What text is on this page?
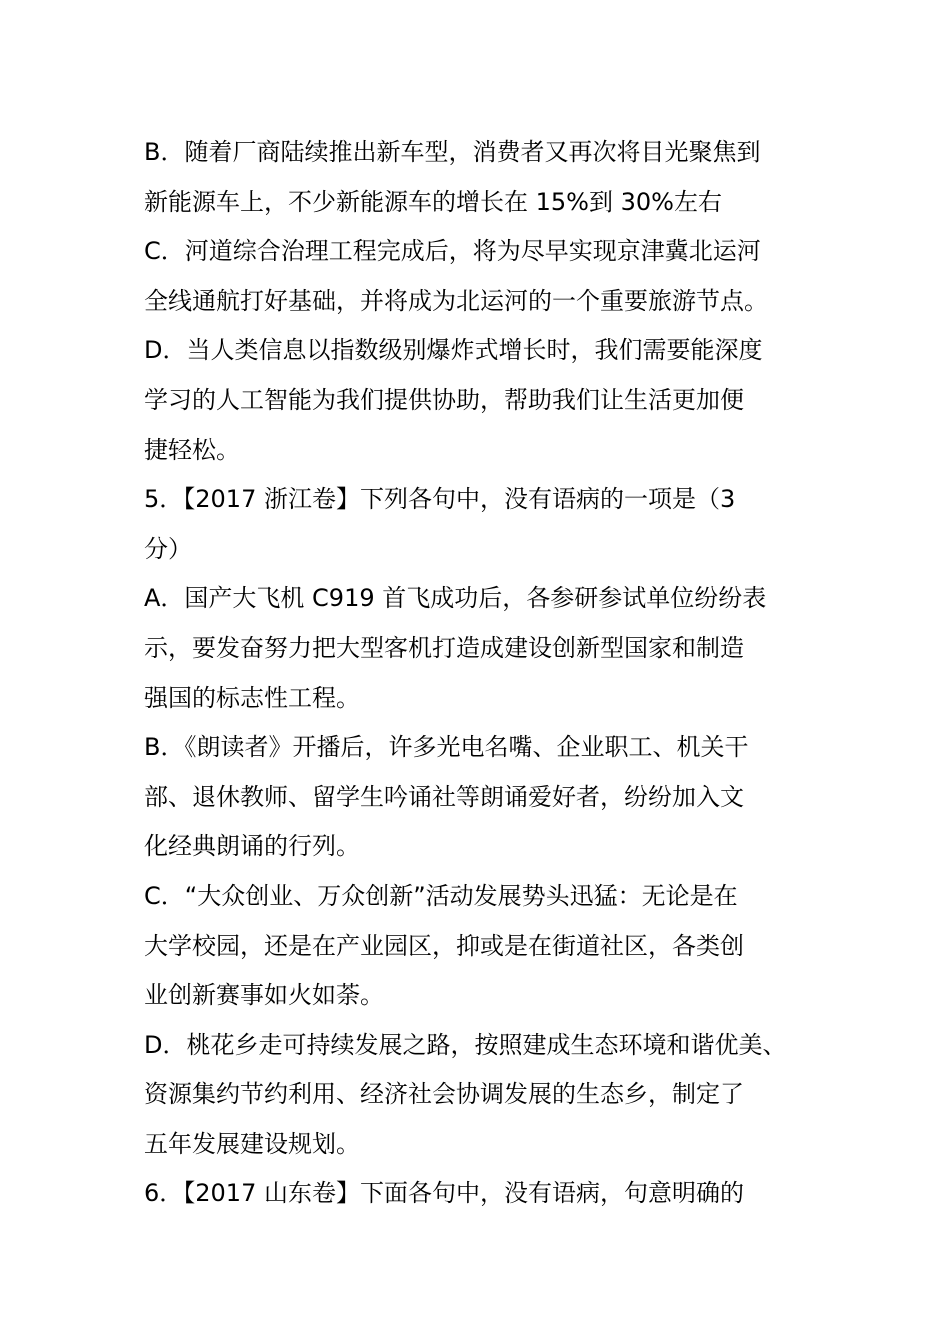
B．随着厂商陆续推出新车型，消费者又再次将目光聚焦到
新能源车上，不少新能源车的增长在 15%到 30%左右
C．河道综合治理工程完成后，将为尽早实现京津冀北运河
全线通航打好基础，并将成为北运河的一个重要旅游节点。
D．当人类信息以指数级别爆炸式增长时，我们需要能深度
学习的人工智能为我们提供协助，帮助我们让生活更加便
捷轻松。
5．【2017 浙江卷】下列各句中，没有语病的一项是（3
分）
A．国产大飞机 C919 首飞成功后，各参研参试单位纷纷表
示，要发奋努力把大型客机打造成建设创新型国家和制造
强国的标志性工程。
B．《朗读者》开播后，许多光电名嘴、企业职工、机关干
部、退休教师、留学生吟诵社等朗诵爱好者，纷纷加入文
化经典朗诵的行列。
C．“大众创业、万众创新”活动发展势头迅猛：无论是在
大学校园，还是在产业园区，抑或是在街道社区，各类创
业创新赛事如火如荼。
D．桃花乡走可持续发展之路，按照建成生态环境和谐优美、
资源集约节约利用、经济社会协调发展的生态乡，制定了
五年发展建设规划。
6．【2017 山东卷】下面各句中，没有语病，句意明确的
